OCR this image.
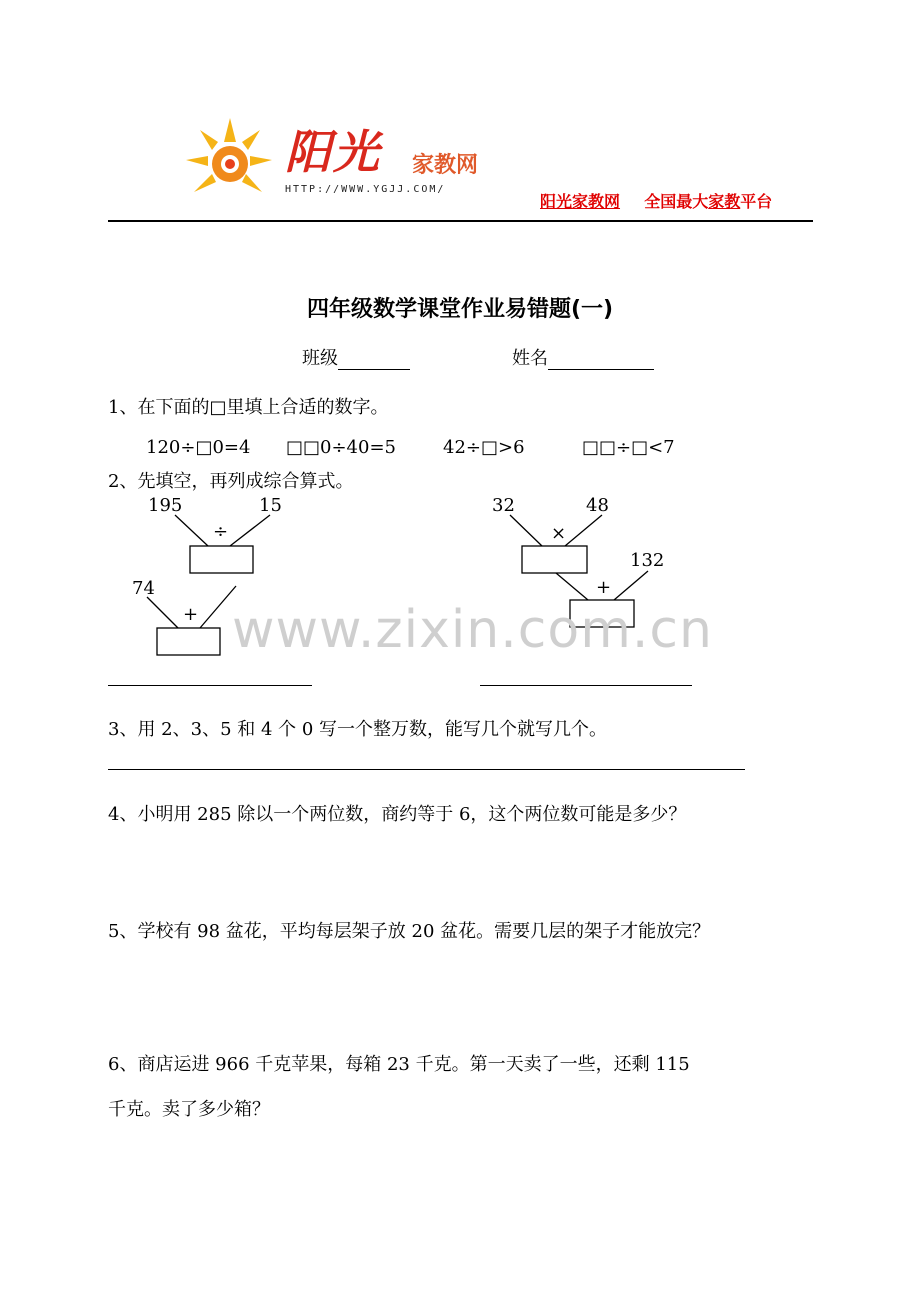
阳光 家教网
HTTP://WWW.YGJJ.COM/
阳光家教网 全国最大家教平台
四年级数学课堂作业易错题(一)
班级	姓名
1、在下面的□里填上合适的数字。
120÷□0=4 □□0÷40=5	42÷□>6	□□÷□<7
2、先填空，再列成综合算式。
195	15
÷
74
+
32	48
×
132
+
www.zixin.com.cn
3、用 2、3、5 和 4 个 0 写一个整万数，能写几个就写几个。
4、小明用 285 除以一个两位数，商约等于 6，这个两位数可能是多少？
5、学校有 98 盆花，平均每层架子放 20 盆花。需要几层的架子才能放完？
6、商店运进 966 千克苹果，每箱 23 千克。第一天卖了一些，还剩 115
千克。卖了多少箱？
